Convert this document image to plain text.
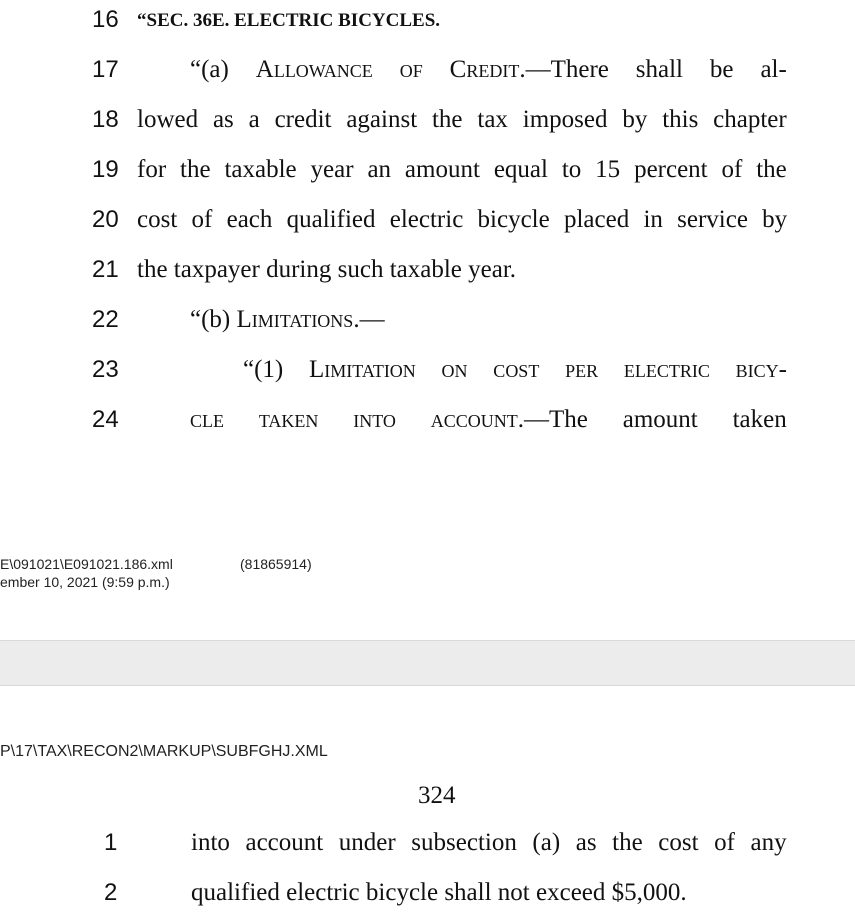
16 “SEC. 36E. ELECTRIC BICYCLES.
17	“(a) Allowance of Credit.—There shall be al-
18 lowed as a credit against the tax imposed by this chapter
19 for the taxable year an amount equal to 15 percent of the
20 cost of each qualified electric bicycle placed in service by
21 the taxpayer during such taxable year.
22	“(b) Limitations.—
23	“(1) Limitation on cost per electric bicy-
24	cle taken into account.—The amount taken
E\091021\E091021.186.xml	(81865914)
ember 10, 2021 (9:59 p.m.)
P\17\TAX\RECON2\MARKUP\SUBFGHJ.XML
324
1	into account under subsection (a) as the cost of any
2	qualified electric bicycle shall not exceed $5,000.
